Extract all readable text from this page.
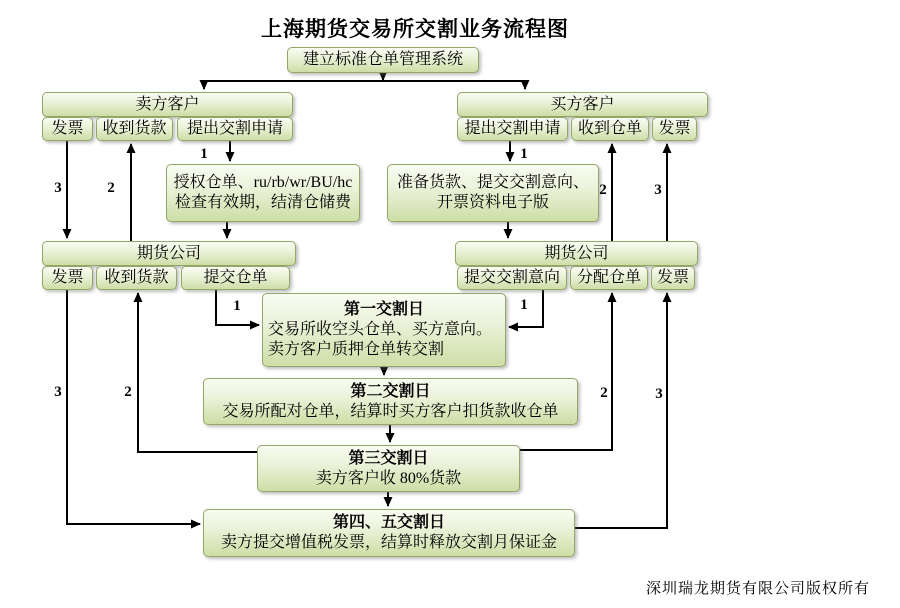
上海期货交易所交割业务流程图
建立标准仓单管理系统
卖方客户
发票 收到货款 提出交割申请
买方客户
提出交割申请 收到仓单 发票
授权仓单、ru/rb/wr/BU/hc
检查有效期，结清仓储费
准备货款、提交交割意向、
开票资料电子版
期货公司
发票 收到货款 提交仓单
期货公司
提交交割意向 分配仓单 发票
第一交割日
交易所收空头仓单、买方意向。
卖方客户质押仓单转交割
第二交割日
交易所配对仓单，结算时买方客户扣货款收仓单
第三交割日
卖方客户收 80%货款
第四、五交割日
卖方提交增值税发票，结算时释放交割月保证金
1
2
3
1
2	3
1	1
2
3	2	3
深圳瑞龙期货有限公司版权所有
